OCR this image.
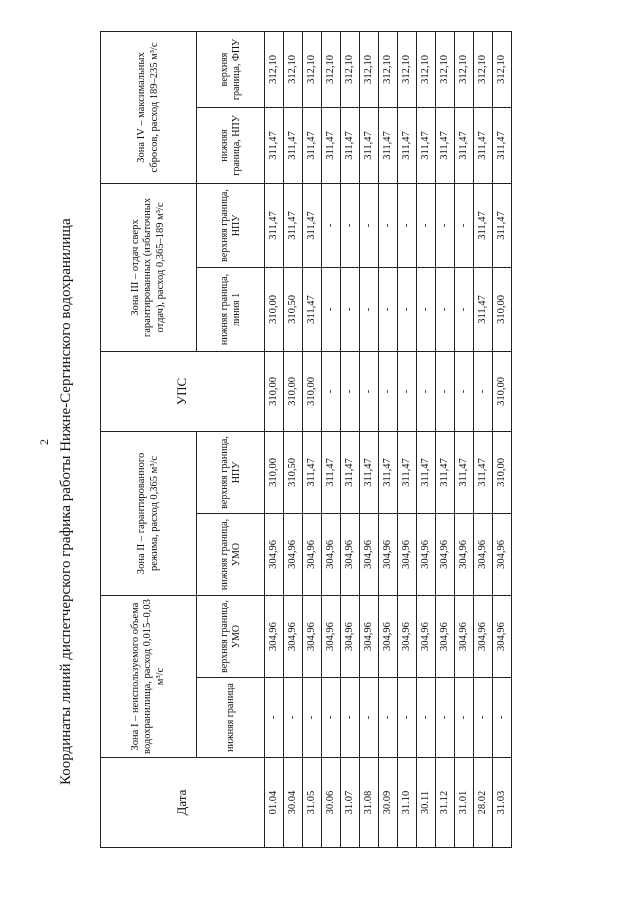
2 Координаты линий диспетчерского графика работы Нижне-Сергинского водохранилища
Дата	Зона I – неиспользуемого объема водохранилища, расход 0,015–0,03 м³/с		Зона II – гарантированного режима, расход 0,365 м³/с		УПС	Зона III – отдач сверх гарантированных (избыточных отдач), расход 0,365–189 м³/с		Зона IV – максимальных сбросов, расход 189–235 м³/с	
	нижняя граница	верхняя граница, УМО	нижняя граница, УМО	верхняя граница, НПУ		нижняя граница, линия 1	верхняя граница, НПУ	нижняя граница, НПУ	верхняя граница, ФПУ
01.04	-	304,96	304,96	310,00	310,00	310,00	311,47	311,47	312,10
30.04	-	304,96	304,96	310,50	310,00	310,50	311,47	311,47	312,10
31.05	-	304,96	304,96	311,47	310,00	311,47	311,47	311,47	312,10
30.06	-	304,96	304,96	311,47	-	-	-	311,47	312,10
31.07	-	304,96	304,96	311,47	-	-	-	311,47	312,10
31.08	-	304,96	304,96	311,47	-	-	-	311,47	312,10
30.09	-	304,96	304,96	311,47	-	-	-	311,47	312,10
31.10	-	304,96	304,96	311,47	-	-	-	311,47	312,10
30.11	-	304,96	304,96	311,47	-	-	-	311,47	312,10
31.12	-	304,96	304,96	311,47	-	-	-	311,47	312,10
31.01	-	304,96	304,96	311,47	-	-	-	311,47	312,10
28.02	-	304,96	304,96	311,47	-	311,47	311,47	311,47	312,10
31.03	-	304,96	304,96	310,00	310,00	310,00	311,47	311,47	312,10
